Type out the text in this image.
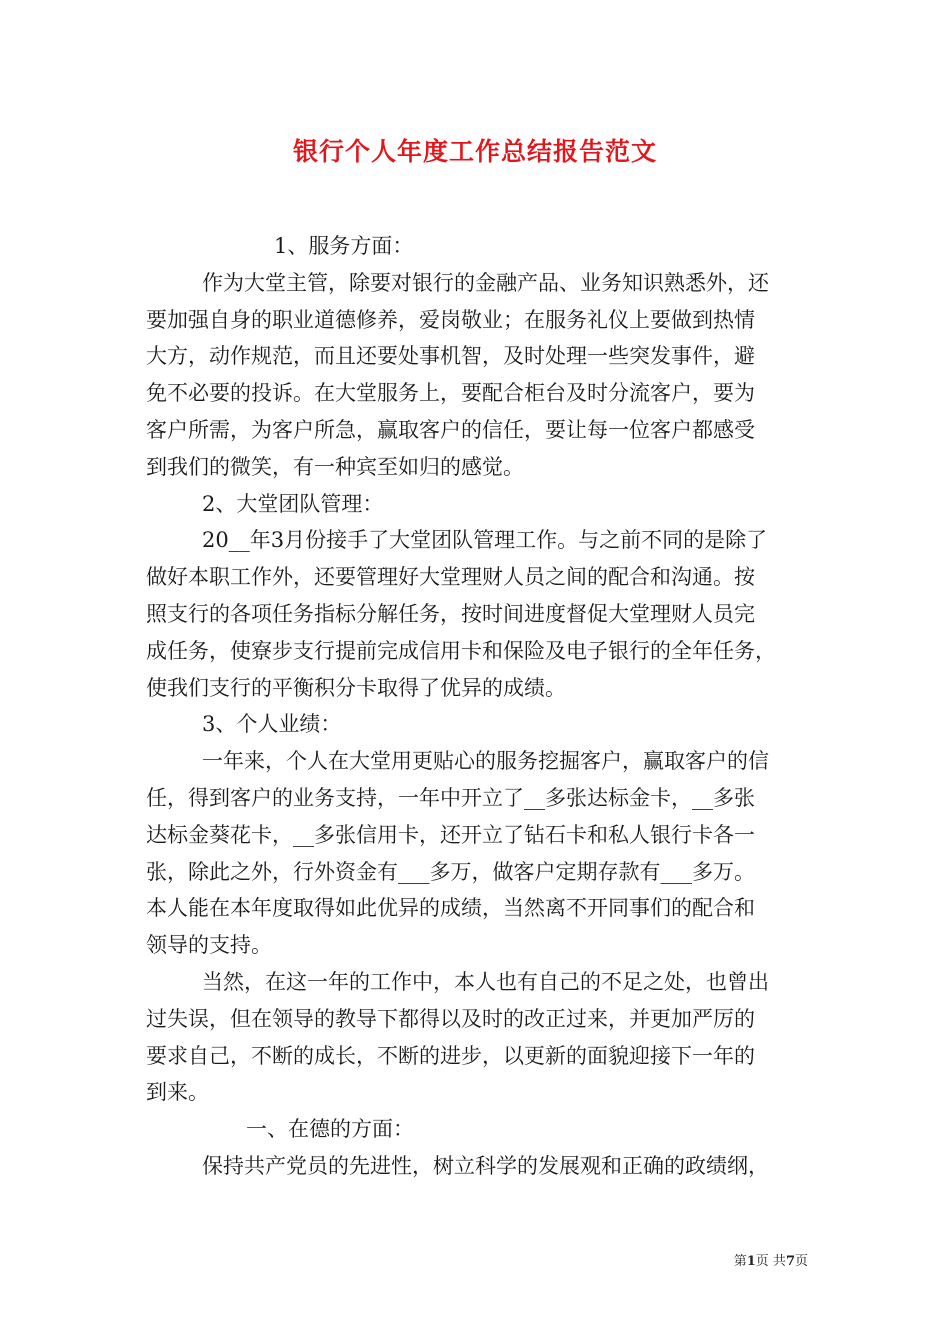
银行个人年度工作总结报告范文
1、服务方面：
作为大堂主管，除要对银行的金融产品、业务知识熟悉外，还
要加强自身的职业道德修养，爱岗敬业；在服务礼仪上要做到热情
大方，动作规范，而且还要处事机智，及时处理一些突发事件，避
免不必要的投诉。在大堂服务上，要配合柜台及时分流客户，要为
客户所需，为客户所急，赢取客户的信任，要让每一位客户都感受
到我们的微笑，有一种宾至如归的感觉。
2、大堂团队管理：
20__年3月份接手了大堂团队管理工作。与之前不同的是除了
做好本职工作外，还要管理好大堂理财人员之间的配合和沟通。按
照支行的各项任务指标分解任务，按时间进度督促大堂理财人员完
成任务，使寮步支行提前完成信用卡和保险及电子银行的全年任务，
使我们支行的平衡积分卡取得了优异的成绩。
3、个人业绩：
一年来，个人在大堂用更贴心的服务挖掘客户，赢取客户的信
任，得到客户的业务支持，一年中开立了__多张达标金卡，__多张
达标金葵花卡，__多张信用卡，还开立了钻石卡和私人银行卡各一
张，除此之外，行外资金有___多万，做客户定期存款有___多万。
本人能在本年度取得如此优异的成绩，当然离不开同事们的配合和
领导的支持。
当然，在这一年的工作中，本人也有自己的不足之处，也曾出
过失误，但在领导的教导下都得以及时的改正过来，并更加严厉的
要求自己，不断的成长，不断的进步，以更新的面貌迎接下一年的
到来。
一、在德的方面：
保持共产党员的先进性，树立科学的发展观和正确的政绩纲，
第1页 共7页
